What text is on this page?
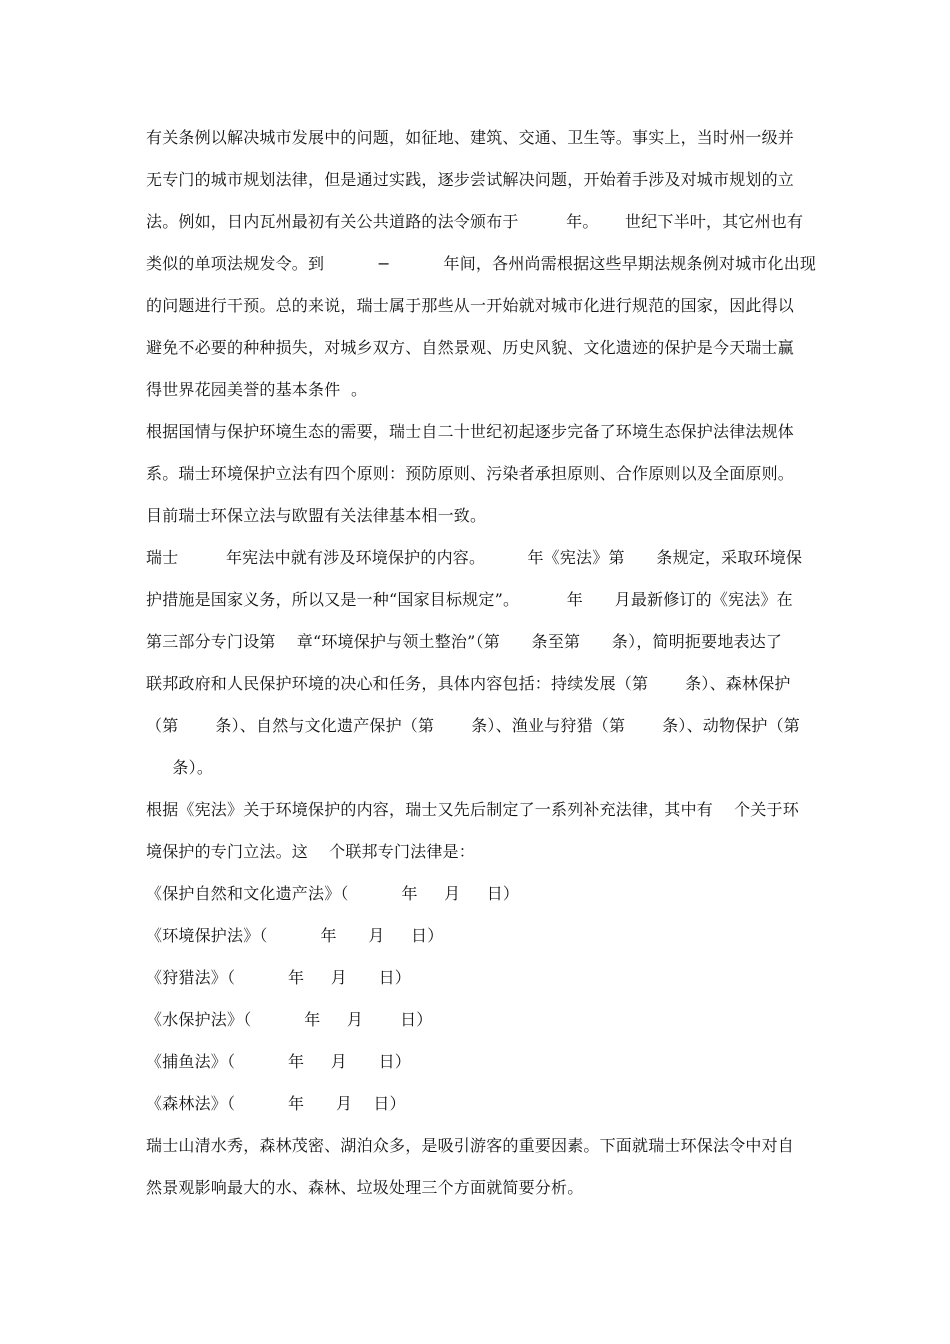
有关条例以解决城市发展中的问题，如征地、建筑、交通、卫生等。事实上，当时州一级并
无专门的城市规划法律，但是通过实践，逐步尝试解决问题，开始着手涉及对城市规划的立
法。例如，日内瓦州最初有关公共道路的法令颁布于         年。     世纪下半叶，其它州也有
类似的单项法规发令。到          −          年间，各州尚需根据这些早期法规条例对城市化出现
的问题进行干预。总的来说，瑞士属于那些从一开始就对城市化进行规范的国家，因此得以
避免不必要的种种损失，对城乡双方、自然景观、历史风貌、文化遗迹的保护是今天瑞士赢
得世界花园美誉的基本条件  。
根据国情与保护环境生态的需要，瑞士自二十世纪初起逐步完备了环境生态保护法律法规体
系。瑞士环境保护立法有四个原则：预防原则、污染者承担原则、合作原则以及全面原则。
目前瑞士环保立法与欧盟有关法律基本相一致。
瑞士         年宪法中就有涉及环境保护的内容。        年《宪法》第      条规定，采取环境保
护措施是国家义务，所以又是一种“国家目标规定”。         年      月最新修订的《宪法》在
第三部分专门设第    章“环境保护与领土整治”（第      条至第      条），简明扼要地表达了
联邦政府和人民保护环境的决心和任务，具体内容包括：持续发展（第       条）、森林保护
（第       条）、自然与文化遗产保护（第       条）、渔业与狩猎（第       条）、动物保护（第
条）。
根据《宪法》关于环境保护的内容，瑞士又先后制定了一系列补充法律，其中有    个关于环
境保护的专门立法。这    个联邦专门法律是：
《保护自然和文化遗产法》（          年     月     日）
《环境保护法》（          年      月     日）
《狩猎法》（          年     月      日）
《水保护法》（          年     月       日）
《捕鱼法》（          年     月      日）
《森林法》（          年      月    日）
瑞士山清水秀，森林茂密、湖泊众多，是吸引游客的重要因素。下面就瑞士环保法令中对自
然景观影响最大的水、森林、垃圾处理三个方面就简要分析。
